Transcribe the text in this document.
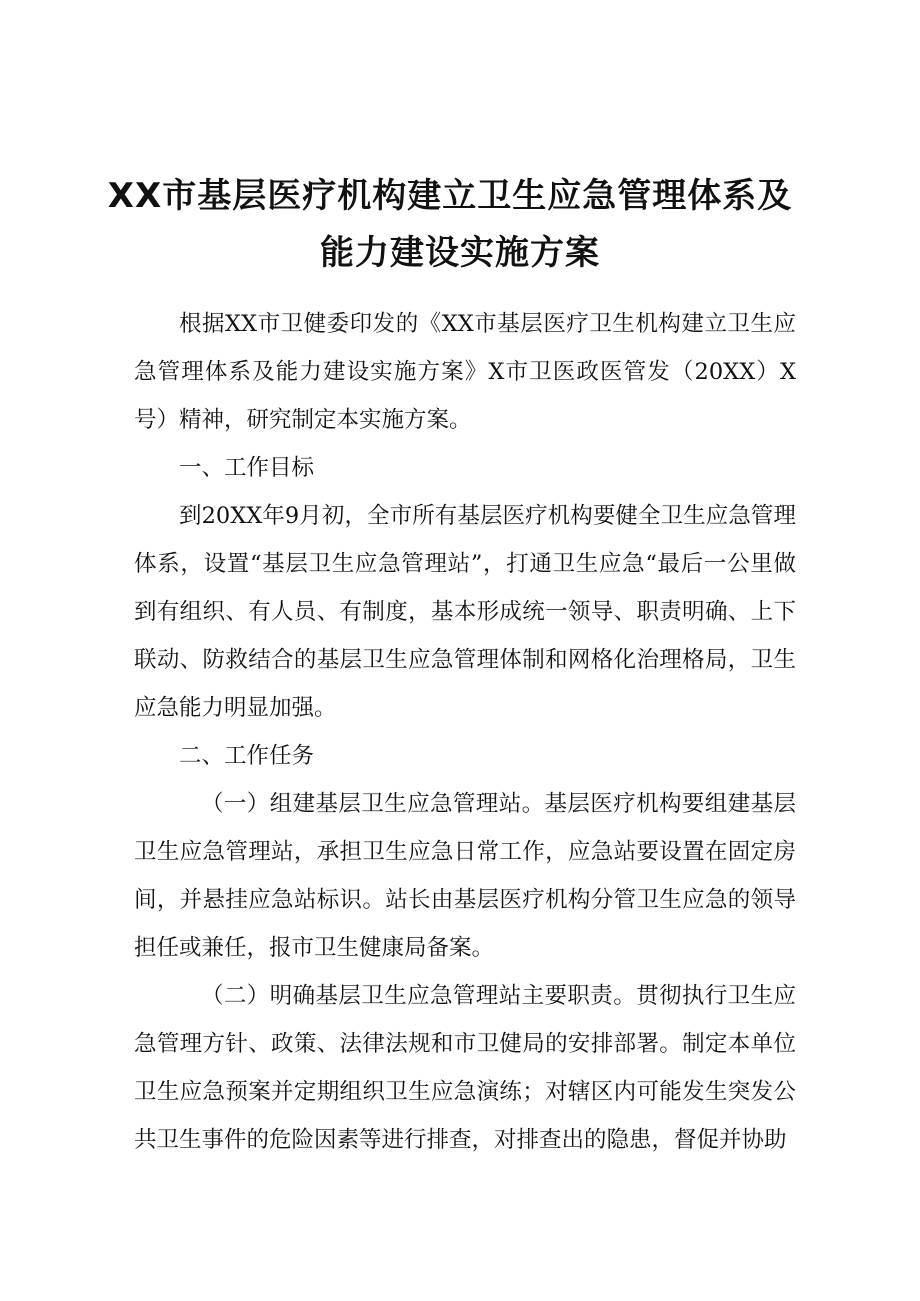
XX市基层医疗机构建立卫生应急管理体系及
能力建设实施方案

根据XX市卫健委印发的《XX市基层医疗卫生机构建立卫生应急管理体系及能力建设实施方案》X市卫医政医管发（20XX）X号）精神，研究制定本实施方案。

一、工作目标

到20XX年9月初，全市所有基层医疗机构要健全卫生应急管理体系，设置“基层卫生应急管理站”，打通卫生应急“最后一公里做到有组织、有人员、有制度，基本形成统一领导、职责明确、上下联动、防救结合的基层卫生应急管理体制和网格化治理格局，卫生应急能力明显加强。

二、工作任务

（一）组建基层卫生应急管理站。基层医疗机构要组建基层卫生应急管理站，承担卫生应急日常工作，应急站要设置在固定房间，并悬挂应急站标识。站长由基层医疗机构分管卫生应急的领导担任或兼任，报市卫生健康局备案。

（二）明确基层卫生应急管理站主要职责。贯彻执行卫生应急管理方针、政策、法律法规和市卫健局的安排部署。制定本单位卫生应急预案并定期组织卫生应急演练；对辖区内可能发生突发公共卫生事件的危险因素等进行排查，对排查出的隐患，督促并协助
